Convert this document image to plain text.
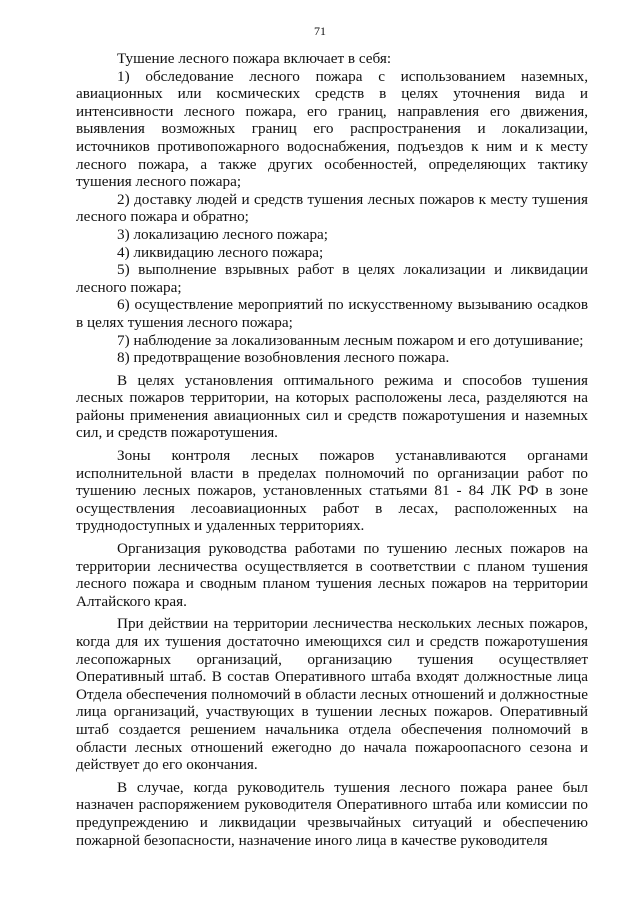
71

Тушение лесного пожара включает в себя:

1) обследование лесного пожара с использованием наземных, авиационных или космических средств в целях уточнения вида и интенсивности лесного пожара, его границ, направления его движения, выявления возможных границ его распространения и локализации, источников противопожарного водоснабжения, подъездов к ним и к месту лесного пожара, а также других особенностей, определяющих тактику тушения лесного пожара;

2) доставку людей и средств тушения лесных пожаров к месту тушения лесного пожара и обратно;

3) локализацию лесного пожара;

4) ликвидацию лесного пожара;

5) выполнение взрывных работ в целях локализации и ликвидации лесного пожара;

6) осуществление мероприятий по искусственному вызыванию осадков в целях тушения лесного пожара;

7) наблюдение за локализованным лесным пожаром и его дотушивание;

8) предотвращение возобновления лесного пожара.

В целях установления оптимального режима и способов тушения лесных пожаров территории, на которых расположены леса, разделяются на районы применения авиационных сил и средств пожаротушения и наземных сил, и средств пожаротушения.

Зоны контроля лесных пожаров устанавливаются органами исполнительной власти в пределах полномочий по организации работ по тушению лесных пожаров, установленных статьями 81 - 84 ЛК РФ в зоне осуществления лесоавиационных работ в лесах, расположенных на труднодоступных и удаленных территориях.

Организация руководства работами по тушению лесных пожаров на территории лесничества осуществляется в соответствии с планом тушения лесного пожара и сводным планом тушения лесных пожаров на территории Алтайского края.

При действии на территории лесничества нескольких лесных пожаров, когда для их тушения достаточно имеющихся сил и средств пожаротушения лесопожарных организаций, организацию тушения осуществляет Оперативный штаб. В состав Оперативного штаба входят должностные лица Отдела обеспечения полномочий в области лесных отношений и должностные лица организаций, участвующих в тушении лесных пожаров. Оперативный штаб создается решением начальника отдела обеспечения полномочий в области лесных отношений ежегодно до начала пожароопасного сезона и действует до его окончания.

В случае, когда руководитель тушения лесного пожара ранее был назначен распоряжением руководителя Оперативного штаба или комиссии по предупреждению и ликвидации чрезвычайных ситуаций и обеспечению пожарной безопасности, назначение иного лица в качестве руководителя
